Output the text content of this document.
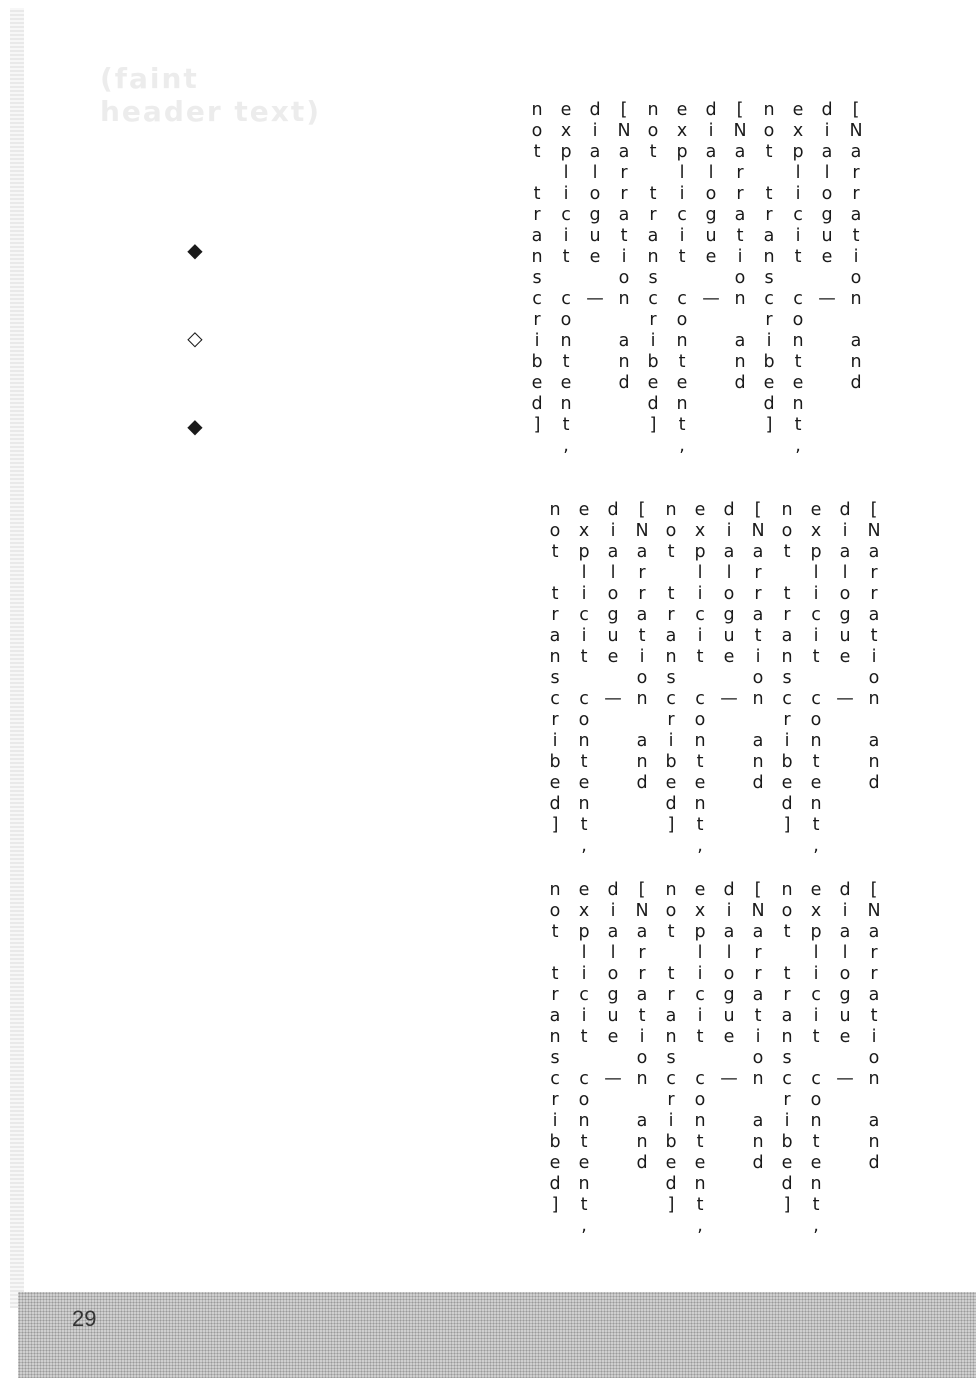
(faint header text)
◆
◇
◆

[Narration and dialogue — explicit content, not transcribed]

[Narration and dialogue — explicit content, not transcribed]

[Narration and dialogue — explicit content, not transcribed]

[Narration and dialogue — explicit content, not transcribed]

[Narration and dialogue — explicit content, not transcribed]

[Narration and dialogue — explicit content, not transcribed]

[Narration and dialogue — explicit content, not transcribed]

[Narration and dialogue — explicit content, not transcribed]

[Narration and dialogue — explicit content, not transcribed]

29
